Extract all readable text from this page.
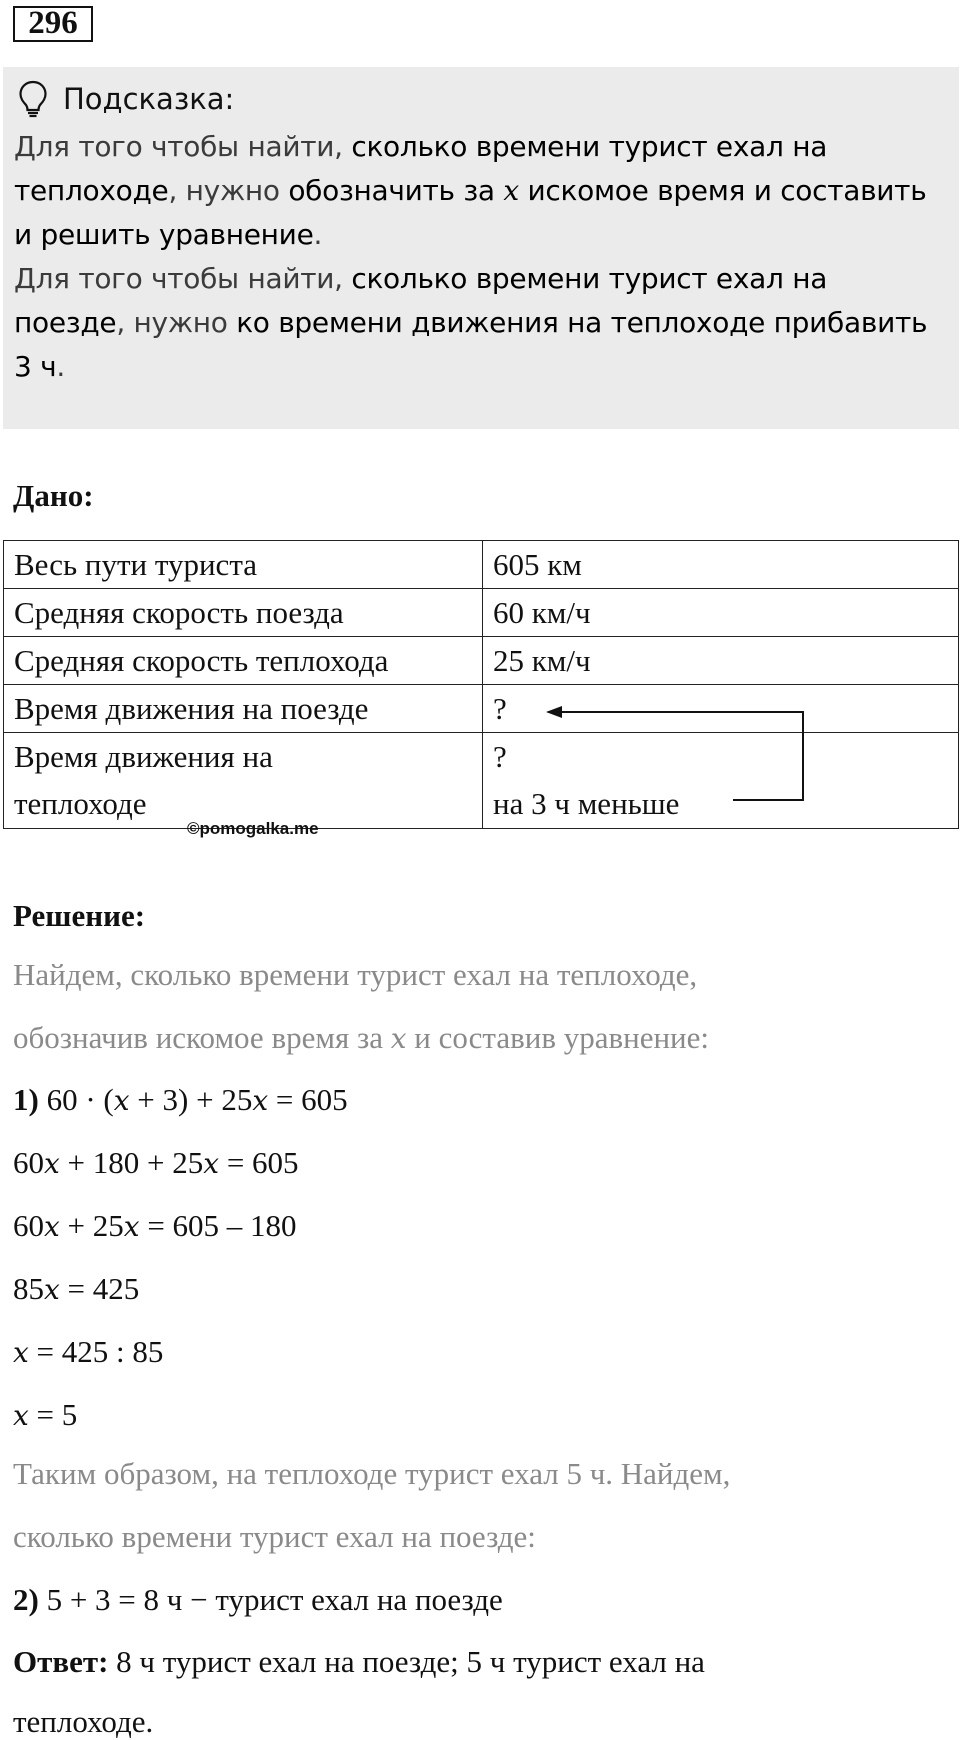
296
Подсказка:
Для того чтобы найти, сколько времени турист ехал на теплоходе, нужно обозначить за x искомое время и составить и решить уравнение.
Для того чтобы найти, сколько времени турист ехал на поезде, нужно ко времени движения на теплоходе прибавить 3 ч.
Дано:
Весь пути туриста	605 км
Средняя скорость поезда	60 км/ч
Средняя скорость теплохода	25 км/ч
Время движения на поезде	?
Время движения на
теплоходе	?
на 3 ч меньше
©pomogalka.me
Решение:
Найдем, сколько времени турист ехал на теплоходе,
обозначив искомое время за x и составив уравнение:
1) 60 · (x + 3) + 25x = 605
60x + 180 + 25x = 605
60x + 25x = 605 – 180
85x = 425
x = 425 : 85
x = 5
Таким образом, на теплоходе турист ехал 5 ч. Найдем,
сколько времени турист ехал на поезде:
2) 5 + 3 = 8 ч − турист ехал на поезде
Ответ: 8 ч турист ехал на поезде; 5 ч турист ехал на
теплоходе.
